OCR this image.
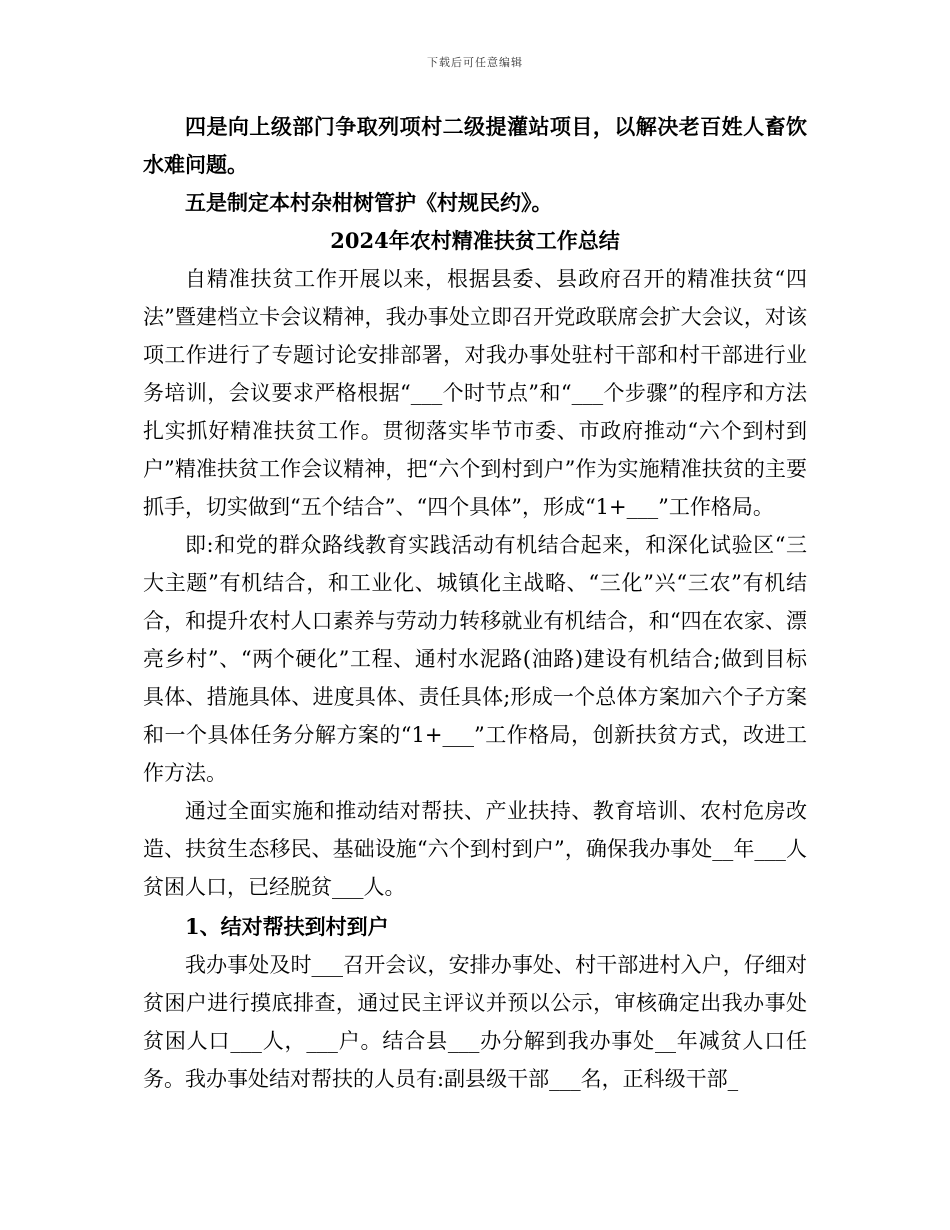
下载后可任意编辑

四是向上级部门争取列项村二级提灌站项目，以解决老百姓人畜饮水难问题。

五是制定本村杂柑树管护《村规民约》。

2024年农村精准扶贫工作总结

自精准扶贫工作开展以来，根据县委、县政府召开的精准扶贫“四法”暨建档立卡会议精神，我办事处立即召开党政联席会扩大会议，对该项工作进行了专题讨论安排部署，对我办事处驻村干部和村干部进行业务培训，会议要求严格根据“___个时节点”和“___个步骤”的程序和方法扎实抓好精准扶贫工作。贯彻落实毕节市委、市政府推动“六个到村到户”精准扶贫工作会议精神，把“六个到村到户”作为实施精准扶贫的主要抓手，切实做到“五个结合”、“四个具体”，形成“1+___”工作格局。

即:和党的群众路线教育实践活动有机结合起来，和深化试验区“三大主题”有机结合，和工业化、城镇化主战略、“三化”兴“三农”有机结合，和提升农村人口素养与劳动力转移就业有机结合，和“四在农家、漂亮乡村”、“两个硬化”工程、通村水泥路(油路)建设有机结合;做到目标具体、措施具体、进度具体、责任具体;形成一个总体方案加六个子方案和一个具体任务分解方案的“1+___”工作格局，创新扶贫方式，改进工作方法。

通过全面实施和推动结对帮扶、产业扶持、教育培训、农村危房改造、扶贫生态移民、基础设施“六个到村到户”，确保我办事处__年___人贫困人口，已经脱贫___人。

1、结对帮扶到村到户

我办事处及时___召开会议，安排办事处、村干部进村入户，仔细对贫困户进行摸底排查，通过民主评议并预以公示，审核确定出我办事处贫困人口___人，___户。结合县___办分解到我办事处__年减贫人口任务。我办事处结对帮扶的人员有:副县级干部___名，正科级干部_
